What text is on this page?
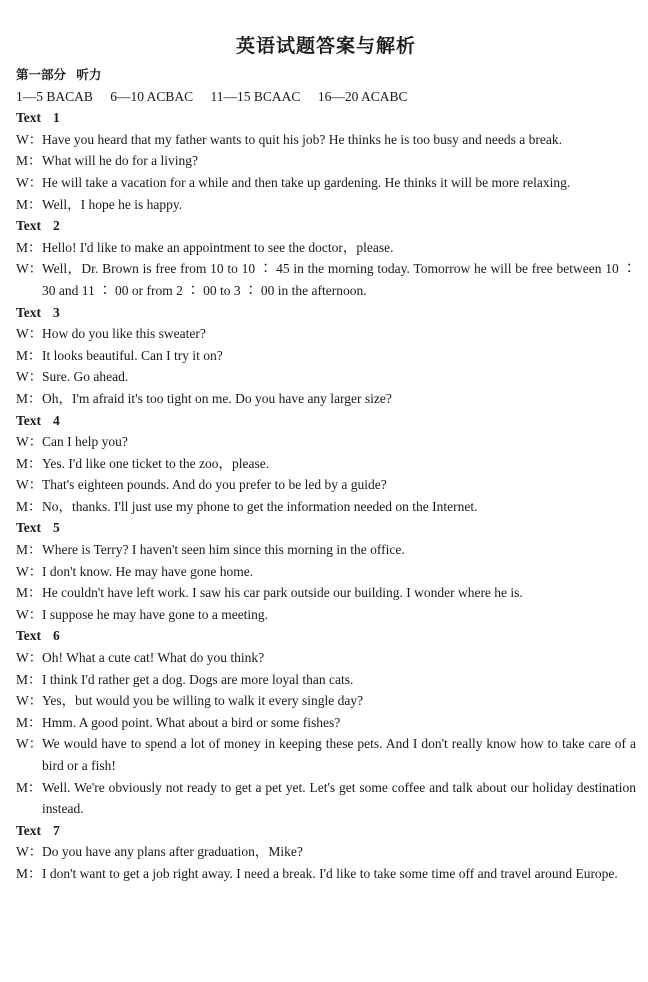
英语试题答案与解析
第一部分 听力
1—5 BACAB 6—10 ACBAC 11—15 BCAAC 16—20 ACABC
Text 1
W：Have you heard that my father wants to quit his job? He thinks he is too busy and needs a break.
M：What will he do for a living?
W：He will take a vacation for a while and then take up gardening. He thinks it will be more relaxing.
M：Well，I hope he is happy.
Text 2
M：Hello! I'd like to make an appointment to see the doctor，please.
W：Well，Dr. Brown is free from 10 to 10 ∶ 45 in the morning today. Tomorrow he will be free between 10 ∶ 30 and 11 ∶ 00 or from 2 ∶ 00 to 3 ∶ 00 in the afternoon.
Text 3
W：How do you like this sweater?
M：It looks beautiful. Can I try it on?
W：Sure. Go ahead.
M：Oh，I'm afraid it's too tight on me. Do you have any larger size?
Text 4
W：Can I help you?
M：Yes. I'd like one ticket to the zoo，please.
W：That's eighteen pounds. And do you prefer to be led by a guide?
M：No，thanks. I'll just use my phone to get the information needed on the Internet.
Text 5
M：Where is Terry? I haven't seen him since this morning in the office.
W：I don't know. He may have gone home.
M：He couldn't have left work. I saw his car park outside our building. I wonder where he is.
W：I suppose he may have gone to a meeting.
Text 6
W：Oh! What a cute cat! What do you think?
M：I think I'd rather get a dog. Dogs are more loyal than cats.
W：Yes，but would you be willing to walk it every single day?
M：Hmm. A good point. What about a bird or some fishes?
W：We would have to spend a lot of money in keeping these pets. And I don't really know how to take care of a bird or a fish!
M：Well. We're obviously not ready to get a pet yet. Let's get some coffee and talk about our holiday destination instead.
Text 7
W：Do you have any plans after graduation，Mike?
M：I don't want to get a job right away. I need a break. I'd like to take some time off and travel around Europe.
